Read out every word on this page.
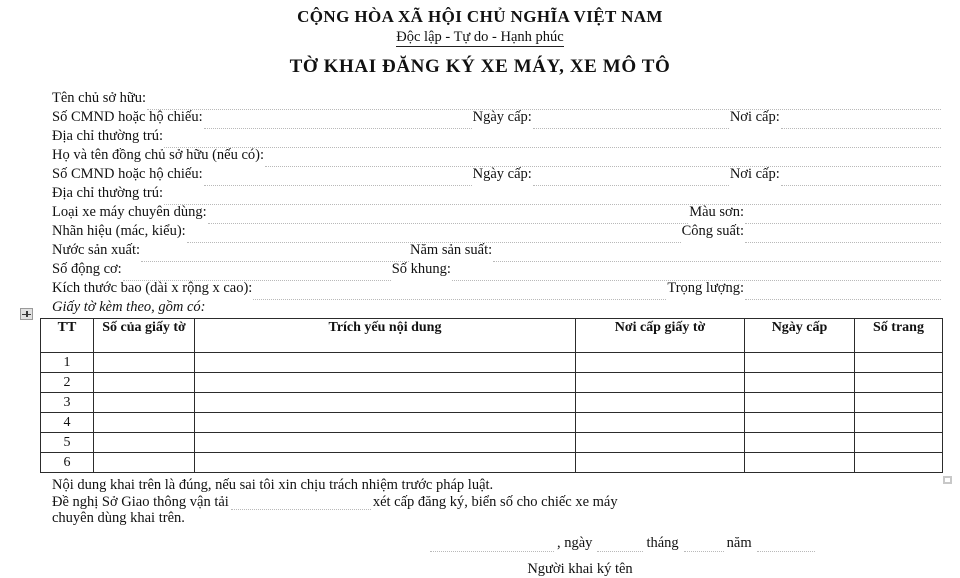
CỘNG HÒA XÃ HỘI CHỦ NGHĨA VIỆT NAM
Độc lập - Tự do - Hạnh phúc
TỜ KHAI ĐĂNG KÝ XE MÁY, XE MÔ TÔ
Tên chủ sở hữu:
Số CMND hoặc hộ chiếu:	Ngày cấp:	Nơi cấp:
Địa chỉ thường trú:
Họ và tên đồng chủ sở hữu (nếu có):
Số CMND hoặc hộ chiếu:	Ngày cấp:	Nơi cấp:
Địa chỉ thường trú:
Loại xe máy chuyên dùng:	Màu sơn:
Nhãn hiệu (mác, kiểu):	Công suất:
Nước sản xuất:	Năm sản suất:
Số động cơ:	Số khung:
Kích thước bao (dài x rộng x cao):	Trọng lượng:
Giấy tờ kèm theo, gồm có:
TT	Số của giấy tờ	Trích yếu nội dung	Nơi cấp giấy tờ	Ngày cấp	Số trang
1					
2					
3					
4					
5					
6					
Nội dung khai trên là đúng, nếu sai tôi xin chịu trách nhiệm trước pháp luật.
Đề nghị Sở Giao thông vận tải	xét cấp đăng ký, biển số cho chiếc xe máy
chuyên dùng khai trên.
, ngày	tháng	năm
Người khai ký tên
